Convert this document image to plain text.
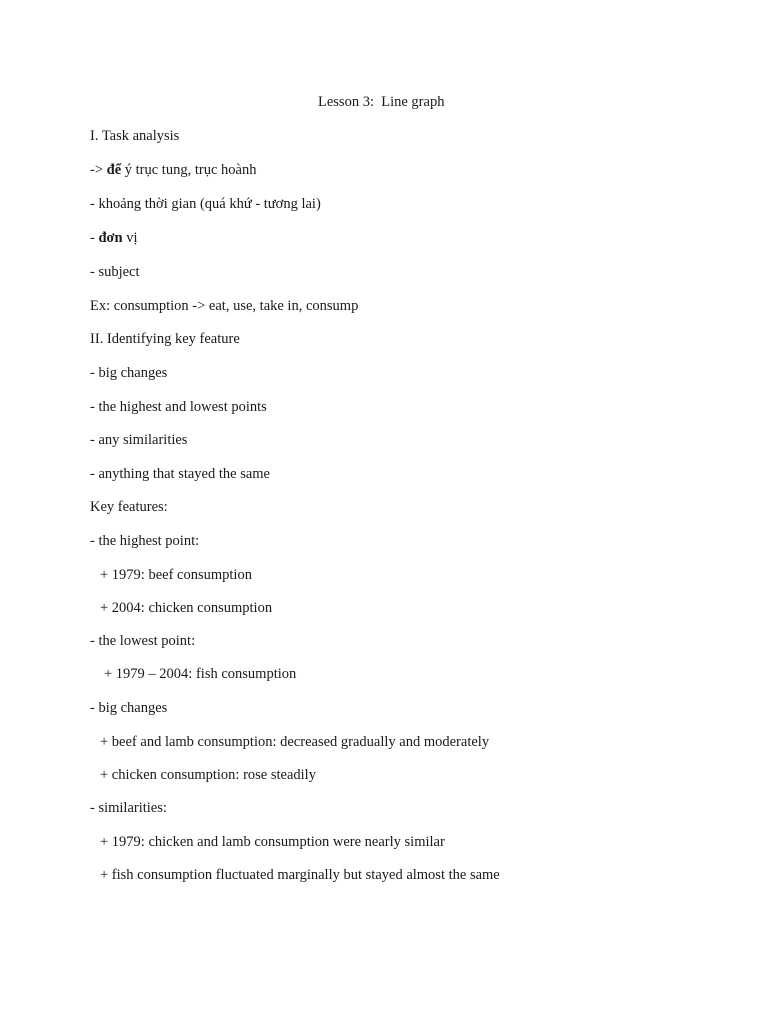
Lesson 3:  Line graph
I. Task analysis
-> để ý trục tung, trục hoành
- khoảng thời gian (quá khứ - tương lai)
- đơn vị
- subject
Ex: consumption -> eat, use, take in, consump
II. Identifying key feature
- big changes
- the highest and lowest points
- any similarities
- anything that stayed the same
Key features:
- the highest point:
+ 1979: beef consumption
+ 2004: chicken consumption
- the lowest point:
+ 1979 – 2004: fish consumption
- big changes
+ beef and lamb consumption: decreased gradually and moderately
+ chicken consumption: rose steadily
- similarities:
+ 1979: chicken and lamb consumption were nearly similar
+ fish consumption fluctuated marginally but stayed almost the same
